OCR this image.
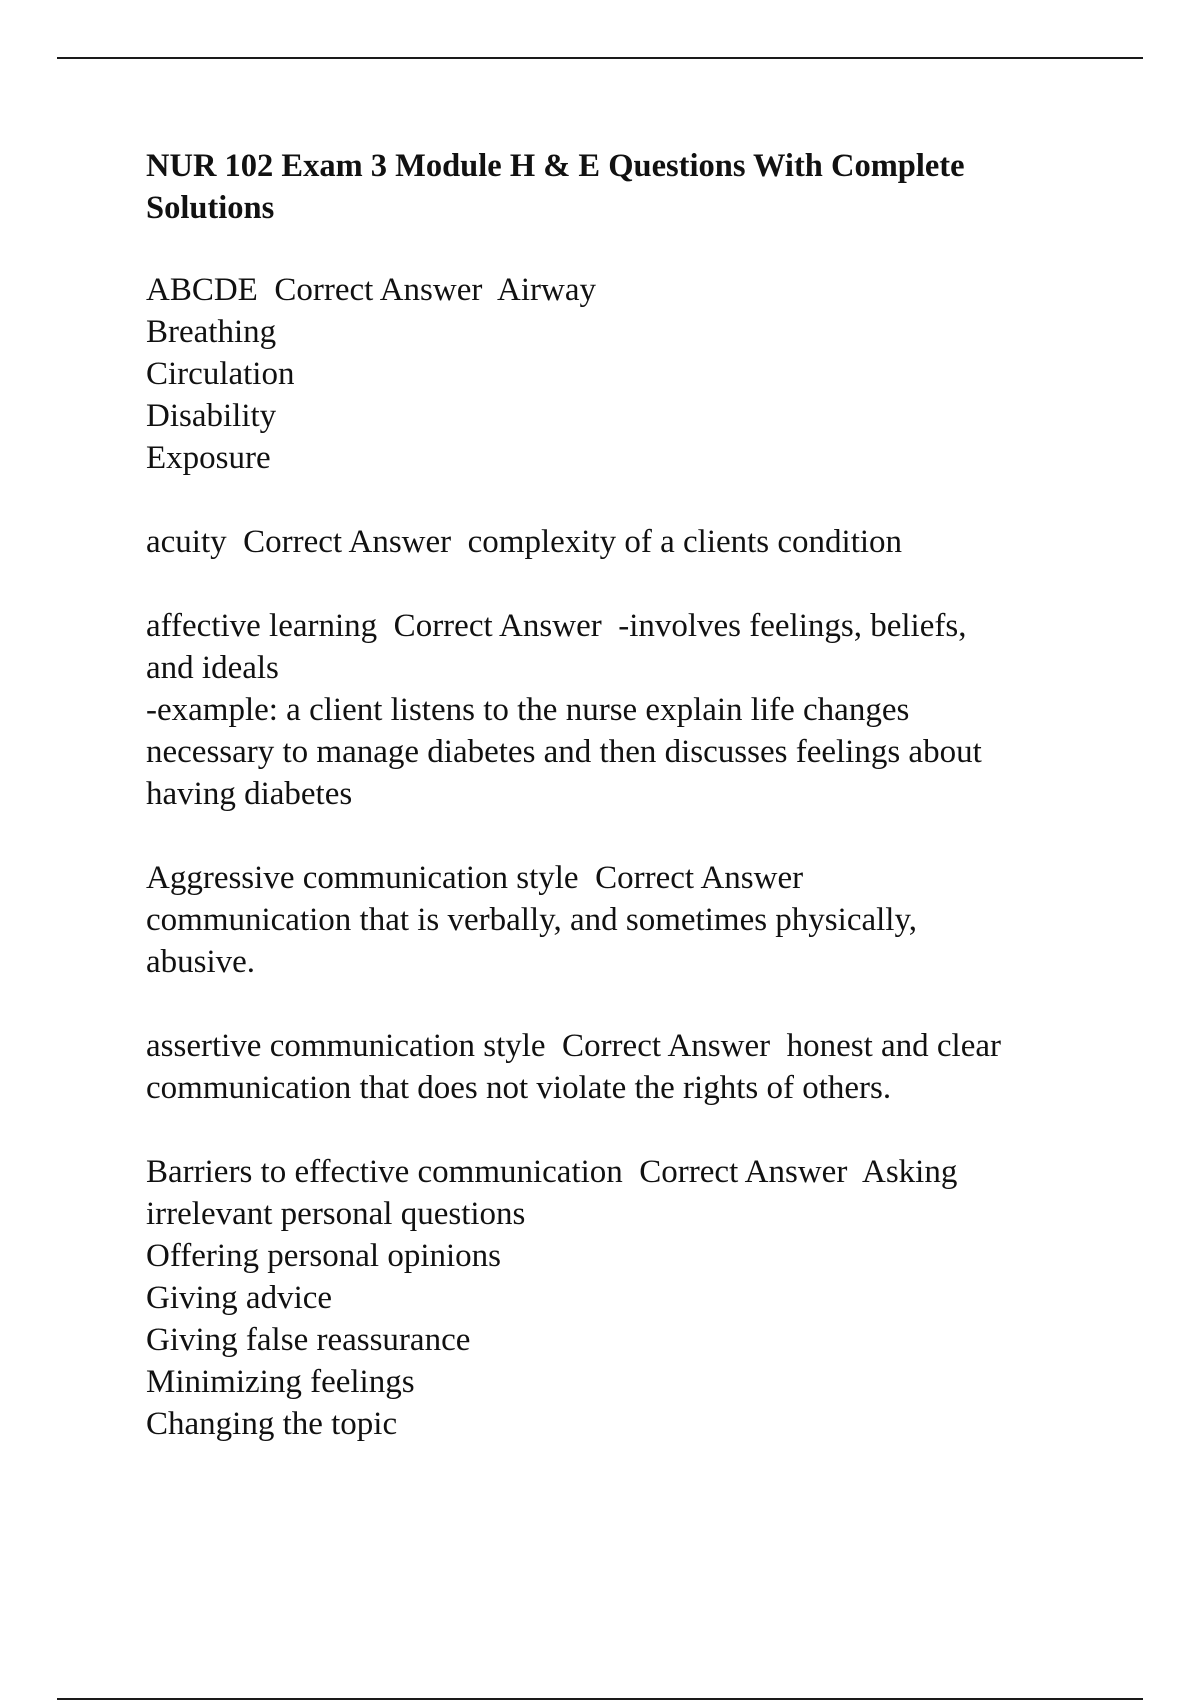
NUR 102 Exam 3 Module H & E Questions With Complete
Solutions
ABCDE  Correct Answer  Airway
Breathing
Circulation
Disability
Exposure
acuity  Correct Answer  complexity of a clients condition
affective learning  Correct Answer  -involves feelings, beliefs,
and ideals
-example: a client listens to the nurse explain life changes
necessary to manage diabetes and then discusses feelings about
having diabetes
Aggressive communication style  Correct Answer
communication that is verbally, and sometimes physically,
abusive.
assertive communication style  Correct Answer  honest and clear
communication that does not violate the rights of others.
Barriers to effective communication  Correct Answer  Asking
irrelevant personal questions
Offering personal opinions
Giving advice
Giving false reassurance
Minimizing feelings
Changing the topic
